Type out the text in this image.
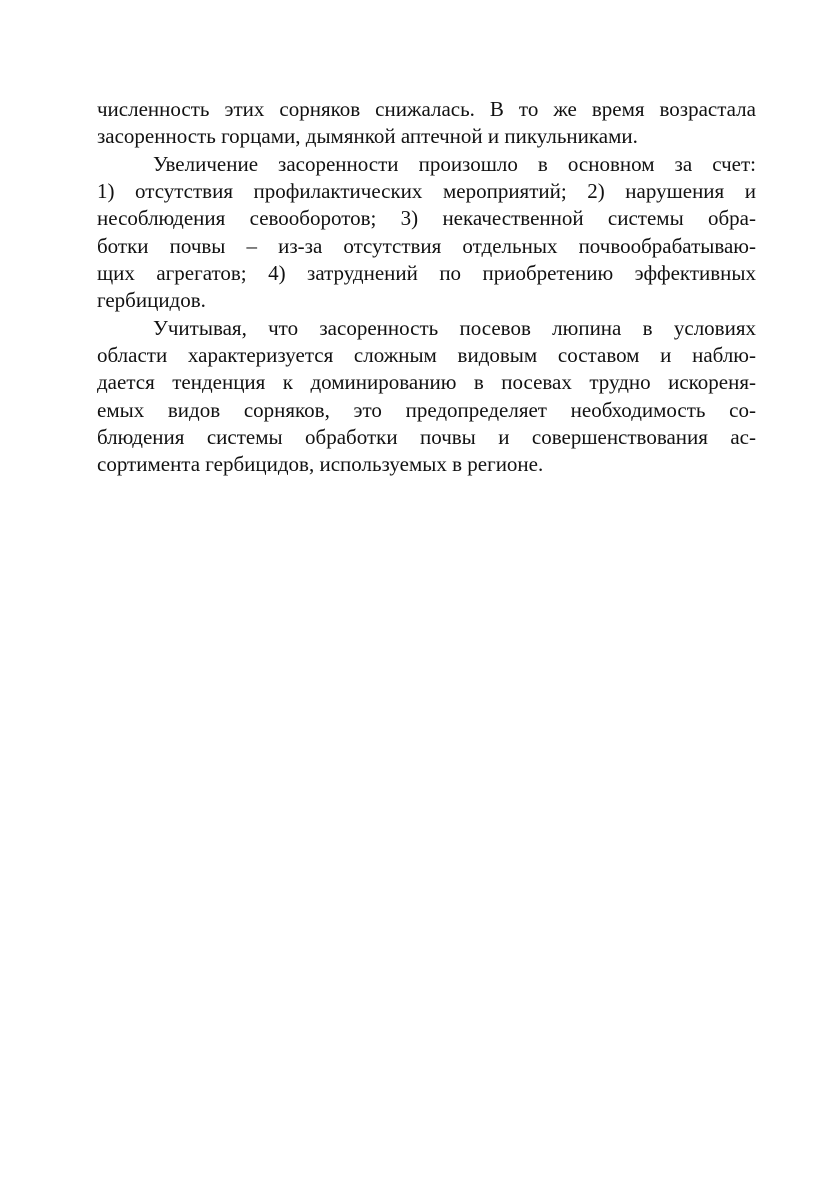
численность этих сорняков снижалась. В то же время возрастала
засоренность горцами, дымянкой аптечной и пикульниками.
Увеличение засоренности произошло в основном за счет:
1) отсутствия профилактических мероприятий; 2) нарушения и
несоблюдения севооборотов; 3) некачественной системы обра-
ботки почвы – из-за отсутствия отдельных почвообрабатываю-
щих агрегатов; 4) затруднений по приобретению эффективных
гербицидов.
Учитывая, что засоренность посевов люпина в условиях
области характеризуется сложным видовым составом и наблю-
дается тенденция к доминированию в посевах трудно искореня-
емых видов сорняков, это предопределяет необходимость со-
блюдения системы обработки почвы и совершенствования ас-
сортимента гербицидов, используемых в регионе.
